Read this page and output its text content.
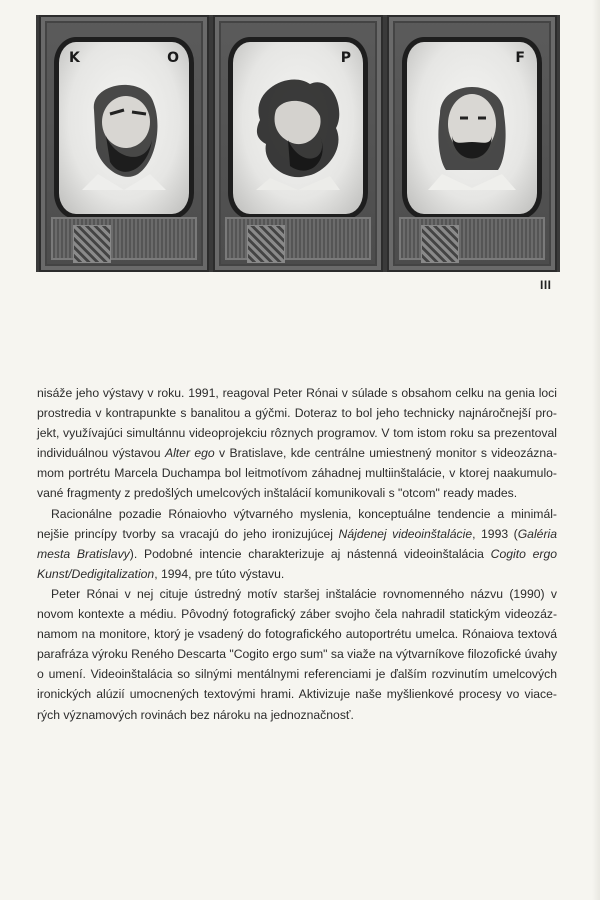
K	O	P	F
III
nisáže jeho výstavy v roku. 1991, reagoval Peter Rónai v súlade s obsahom celku na genia loci
prostredia v kontrapunkte s banalitou a gýčmi. Doteraz to bol jeho technicky najnáročnejší pro-
jekt, využívajúci simultánnu videoprojekciu rôznych programov. V tom istom roku sa prezentoval
individuálnou výstavou Alter ego v Bratislave, kde centrálne umiestnený monitor s videozázna-
mom portrétu Marcela Duchampa bol leitmotívom záhadnej multiinštalácie, v ktorej naakumulo-
vané fragmenty z predošlých umelcových inštalácií komunikovali s "otcom" ready mades.
Racionálne pozadie Rónaiovho výtvarného myslenia, konceptuálne tendencie a minimál-
nejšie princípy tvorby sa vracajú do jeho ironizujúcej Nájdenej videoinštalácie, 1993 (Galéria
mesta Bratislavy). Podobné intencie charakterizuje aj nástenná videoinštalácia Cogito ergo
Kunst/Dedigitalization, 1994, pre túto výstavu.
Peter Rónai v nej cituje ústredný motív staršej inštalácie rovnomenného názvu (1990) v
novom kontexte a médiu. Pôvodný fotografický záber svojho čela nahradil statickým videozáz-
namom na monitore, ktorý je vsadený do fotografického autoportrétu umelca. Rónaiova textová
parafráza výroku Reného Descarta "Cogito ergo sum" sa viaže na výtvarníkove filozofické úvahy
o umení. Videoinštalácia so silnými mentálnymi referenciami je ďalším rozvinutím umelcových
ironických alúzií umocnených textovými hrami. Aktivizuje naše myšlienkové procesy vo viace-
rých významových rovinách bez nároku na jednoznačnosť.
